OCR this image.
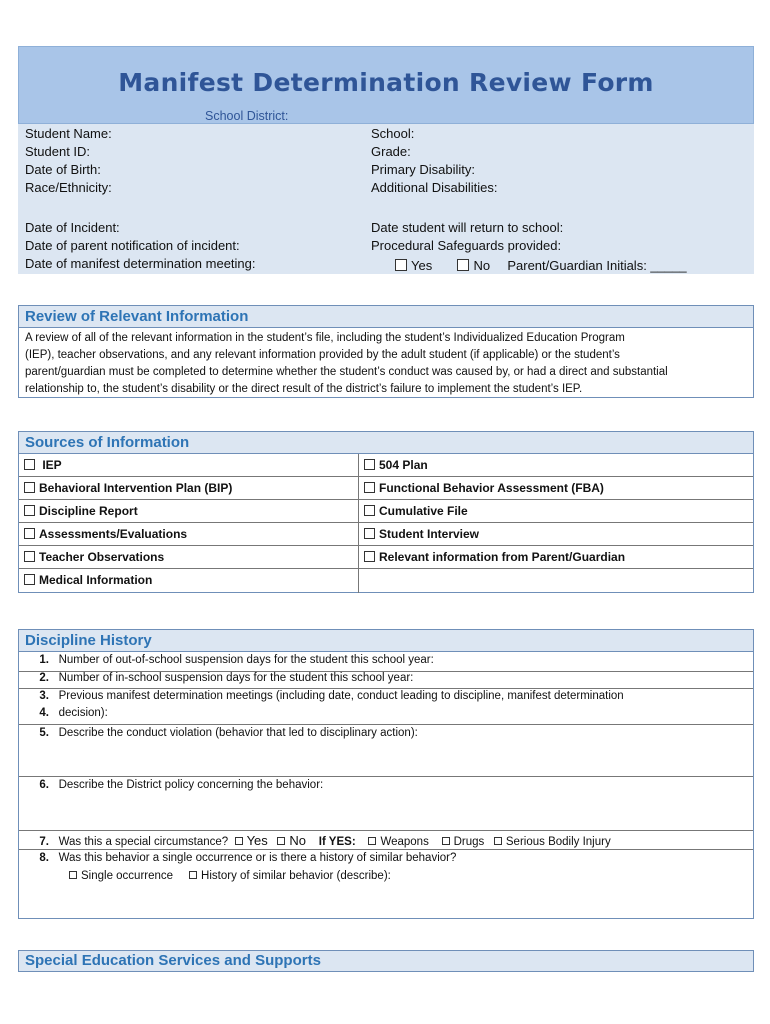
Manifest Determination Review Form
School District:
Student Name:
Student ID:
Date of Birth:
Race/Ethnicity:
School:
Grade:
Primary Disability:
Additional Disabilities:
Date of Incident:
Date of parent notification of incident:
Date of manifest determination meeting:
Date student will return to school:
Procedural Safeguards provided:
Yes	No Parent/Guardian Initials: _____
Review of Relevant Information
A review of all of the relevant information in the student’s file, including the student’s Individualized Education Program
(IEP), teacher observations, and any relevant information provided by the adult student (if applicable) or the student’s
parent/guardian must be completed to determine whether the student’s conduct was caused by, or had a direct and substantial
relationship to, the student’s disability or the direct result of the district’s failure to implement the student’s IEP.
Sources of Information
IEP
Behavioral Intervention Plan (BIP)
Discipline Report
Assessments/Evaluations
Teacher Observations
Medical Information
504 Plan
Functional Behavior Assessment (FBA)
Cumulative File
Student Interview
Relevant information from Parent/Guardian
Discipline History
1. Number of out-of-school suspension days for the student this school year:
2. Number of in-school suspension days for the student this school year:
3. Previous manifest determination meetings (including date, conduct leading to discipline, manifest determination
4. decision):
5. Describe the conduct violation (behavior that led to disciplinary action):
6. Describe the District policy concerning the behavior:
7. Was this a special circumstance? Yes No If YES: Weapons Drugs Serious Bodily Injury
8. Was this behavior a single occurrence or is there a history of similar behavior?
Single occurrence History of similar behavior (describe):
Special Education Services and Supports
